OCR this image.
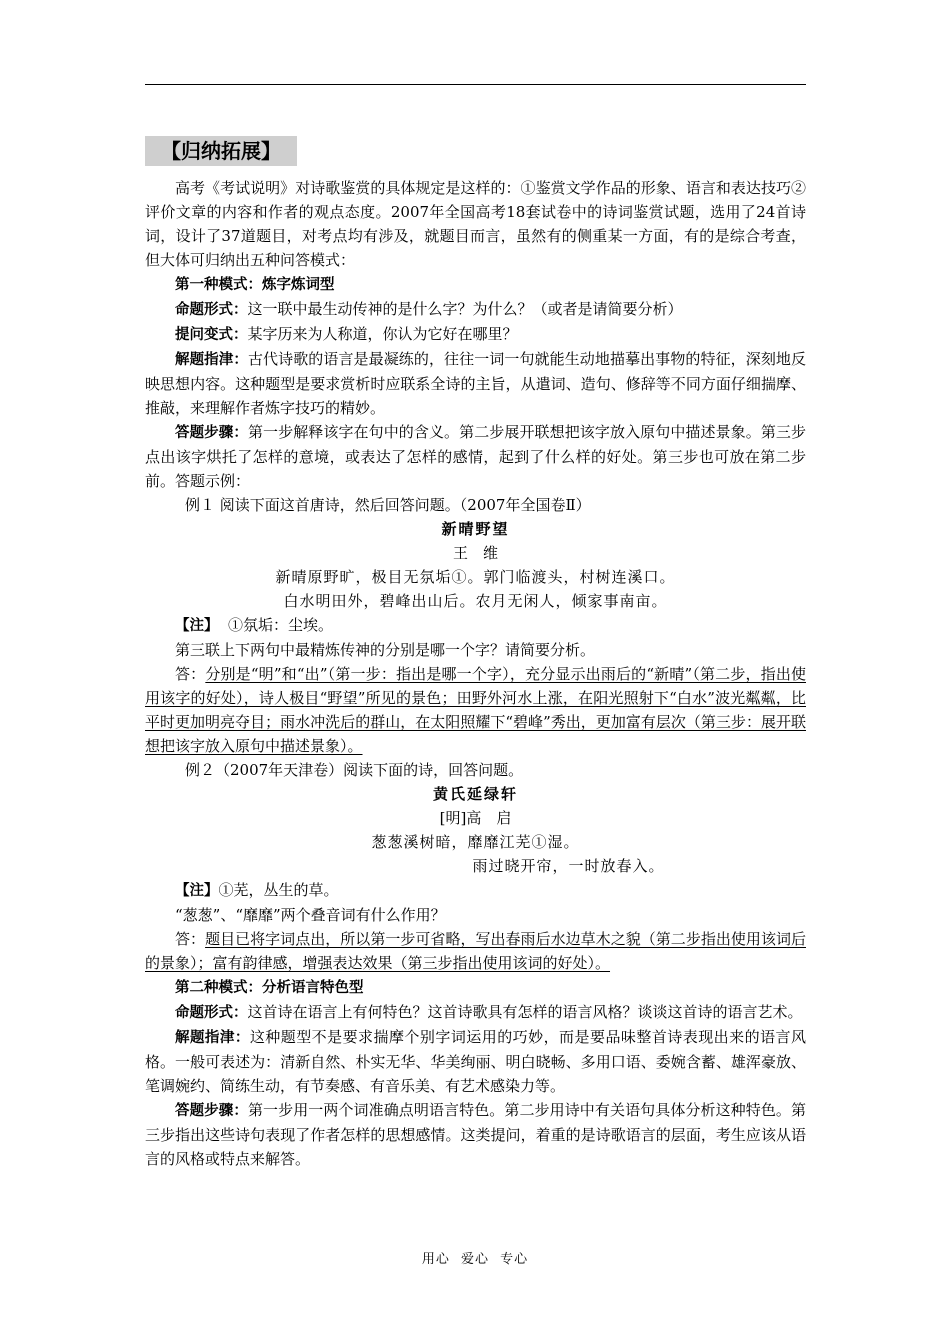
【归纳拓展】

高考《考试说明》对诗歌鉴赏的具体规定是这样的：①鉴赏文学作品的形象、语言和表达技巧②评价文章的内容和作者的观点态度。2007年全国高考18套试卷中的诗词鉴赏试题，选用了24首诗词，设计了37道题目，对考点均有涉及，就题目而言，虽然有的侧重某一方面，有的是综合考查，但大体可归纳出五种问答模式：

第一种模式：炼字炼词型

命题形式：这一联中最生动传神的是什么字？为什么？（或者是请简要分析）

提问变式：某字历来为人称道，你认为它好在哪里？

解题指津：古代诗歌的语言是最凝练的，往往一词一句就能生动地描摹出事物的特征，深刻地反映思想内容。这种题型是要求赏析时应联系全诗的主旨，从遣词、造句、修辞等不同方面仔细揣摩、推敲，来理解作者炼字技巧的精妙。

答题步骤：第一步解释该字在句中的含义。第二步展开联想把该字放入原句中描述景象。第三步点出该字烘托了怎样的意境，或表达了怎样的感情，起到了什么样的好处。第三步也可放在第二步前。答题示例：

例１ 阅读下面这首唐诗，然后回答问题。（2007年全国卷Ⅱ）

新晴野望

王　维

新晴原野旷，极目无氛垢①。郭门临渡头，村树连溪口。

白水明田外，碧峰出山后。农月无闲人，倾家事南亩。

【注】 ①氛垢：尘埃。

第三联上下两句中最精炼传神的分别是哪一个字？请简要分析。

答：分别是“明”和“出”（第一步：指出是哪一个字），充分显示出雨后的“新晴”（第二步，指出使用该字的好处），诗人极目“野望”所见的景色；田野外河水上涨，在阳光照射下“白水”波光粼粼，比平时更加明亮夺目；雨水冲洗后的群山，在太阳照耀下“碧峰”秀出，更加富有层次（第三步：展开联想把该字放入原句中描述景象）。

例２（2007年天津卷）阅读下面的诗，回答问题。

黄氏延绿轩

[明]高　启

葱葱溪树暗，靡靡江芜①湿。

雨过晓开帘，一时放春入。

【注】①芜，丛生的草。

“葱葱”、“靡靡”两个叠音词有什么作用？

答：题目已将字词点出，所以第一步可省略，写出春雨后水边草木之貌（第二步指出使用该词后的景象）；富有韵律感，增强表达效果（第三步指出使用该词的好处）。

第二种模式：分析语言特色型

命题形式：这首诗在语言上有何特色？这首诗歌具有怎样的语言风格？谈谈这首诗的语言艺术。

解题指津：这种题型不是要求揣摩个别字词运用的巧妙，而是要品味整首诗表现出来的语言风格。一般可表述为：清新自然、朴实无华、华美绚丽、明白晓畅、多用口语、委婉含蓄、雄浑豪放、笔调婉约、简练生动，有节奏感、有音乐美、有艺术感染力等。

答题步骤：第一步用一两个词准确点明语言特色。第二步用诗中有关语句具体分析这种特色。第三步指出这些诗句表现了作者怎样的思想感情。这类提问，着重的是诗歌语言的层面，考生应该从语言的风格或特点来解答。

用心 爱心 专心
